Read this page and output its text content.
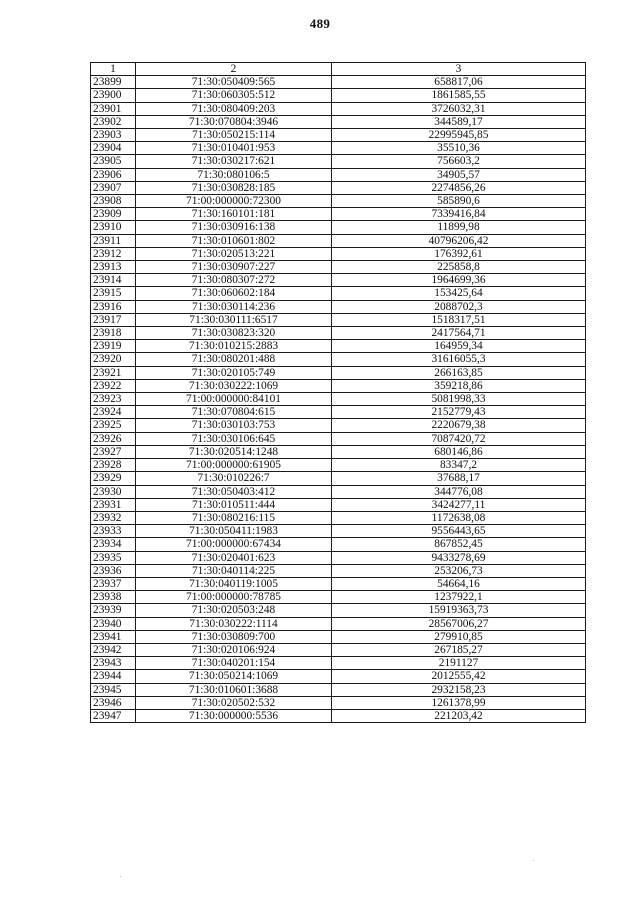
489
1	2	3
23899	71:30:050409:565	658817,06
23900	71:30:060305:512	1861585,55
23901	71:30:080409:203	3726032,31
23902	71:30:070804:3946	344589,17
23903	71:30:050215:114	22995945,85
23904	71:30:010401:953	35510,36
23905	71:30:030217:621	756603,2
23906	71:30:080106:5	34905,57
23907	71:30:030828:185	2274856,26
23908	71:00:000000:72300	585890,6
23909	71:30:160101:181	7339416,84
23910	71:30:030916:138	11899,98
23911	71:30:010601:802	40796206,42
23912	71:30:020513:221	176392,61
23913	71:30:030907:227	225858,8
23914	71:30:080307:272	1964699,36
23915	71:30:060602:184	153425,64
23916	71:30:030114:236	2088702,3
23917	71:30:030111:6517	1518317,51
23918	71:30:030823:320	2417564,71
23919	71:30:010215:2883	164959,34
23920	71:30:080201:488	31616055,3
23921	71:30:020105:749	266163,85
23922	71:30:030222:1069	359218,86
23923	71:00:000000:84101	5081998,33
23924	71:30:070804:615	2152779,43
23925	71:30:030103:753	2220679,38
23926	71:30:030106:645	7087420,72
23927	71:30:020514:1248	680146,86
23928	71:00:000000:61905	83347,2
23929	71:30:010226:7	37688,17
23930	71:30:050403:412	344776,08
23931	71:30:010511:444	3424277,11
23932	71:30:080216:115	1172638,08
23933	71:30:050411:1983	9556443,65
23934	71:00:000000:67434	867852,45
23935	71:30:020401:623	9433278,69
23936	71:30:040114:225	253206,73
23937	71:30:040119:1005	54664,16
23938	71:00:000000:78785	1237922,1
23939	71:30:020503:248	15919363,73
23940	71:30:030222:1114	28567006,27
23941	71:30:030809:700	279910,85
23942	71:30:020106:924	267185,27
23943	71:30:040201:154	2191127
23944	71:30:050214:1069	2012555,42
23945	71:30:010601:3688	2932158,23
23946	71:30:020502:532	1261378,99
23947	71:30:000000:5536	221203,42
